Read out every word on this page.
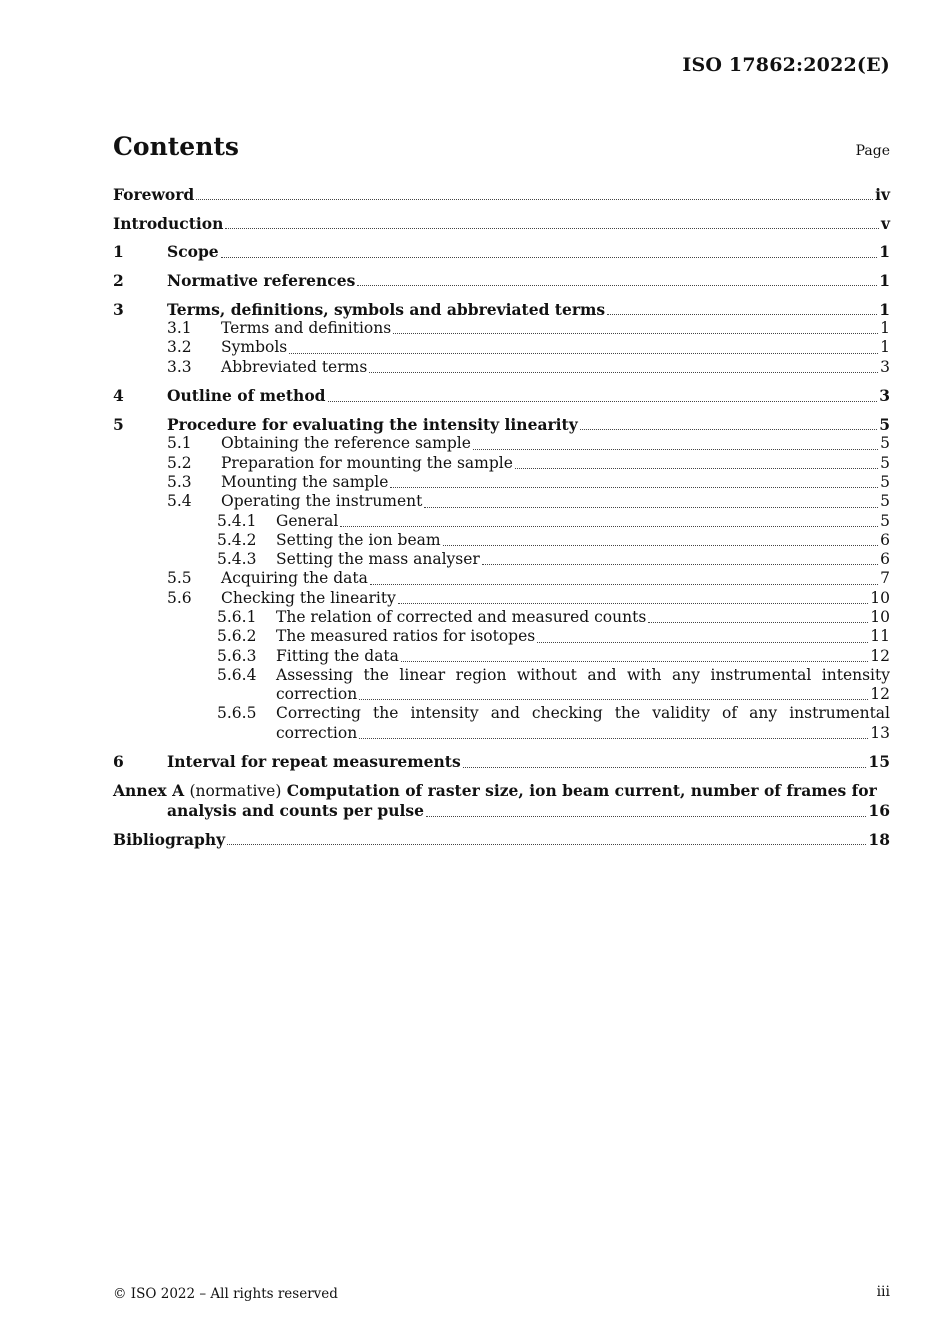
ISO 17862:2022(E)
Contents	Page
Foreword	iv
Introduction	v
1	Scope	1
2	Normative references	1
3	Terms, definitions, symbols and abbreviated terms	1
3.1 Terms and definitions	1
3.2 Symbols	1
3.3 Abbreviated terms	3
4	Outline of method	3
5	Procedure for evaluating the intensity linearity	5
5.1 Obtaining the reference sample	5
5.2 Preparation for mounting the sample	5
5.3 Mounting the sample	5
5.4 Operating the instrument	5
5.4.1 General	5
5.4.2 Setting the ion beam	6
5.4.3 Setting the mass analyser	6
5.5 Acquiring the data	7
5.6 Checking the linearity	10
5.6.1 The relation of corrected and measured counts	10
5.6.2 The measured ratios for isotopes	11
5.6.3 Fitting the data	12
5.6.4 Assessing the linear region without and with any instrumental intensity
correction	12
5.6.5 Correcting the intensity and checking the validity of any instrumental
correction	13
6	Interval for repeat measurements	15
Annex A (normative) Computation of raster size, ion beam current, number of frames for
analysis and counts per pulse	16
Bibliography	18
© ISO 2022 – All rights reserved	iii
